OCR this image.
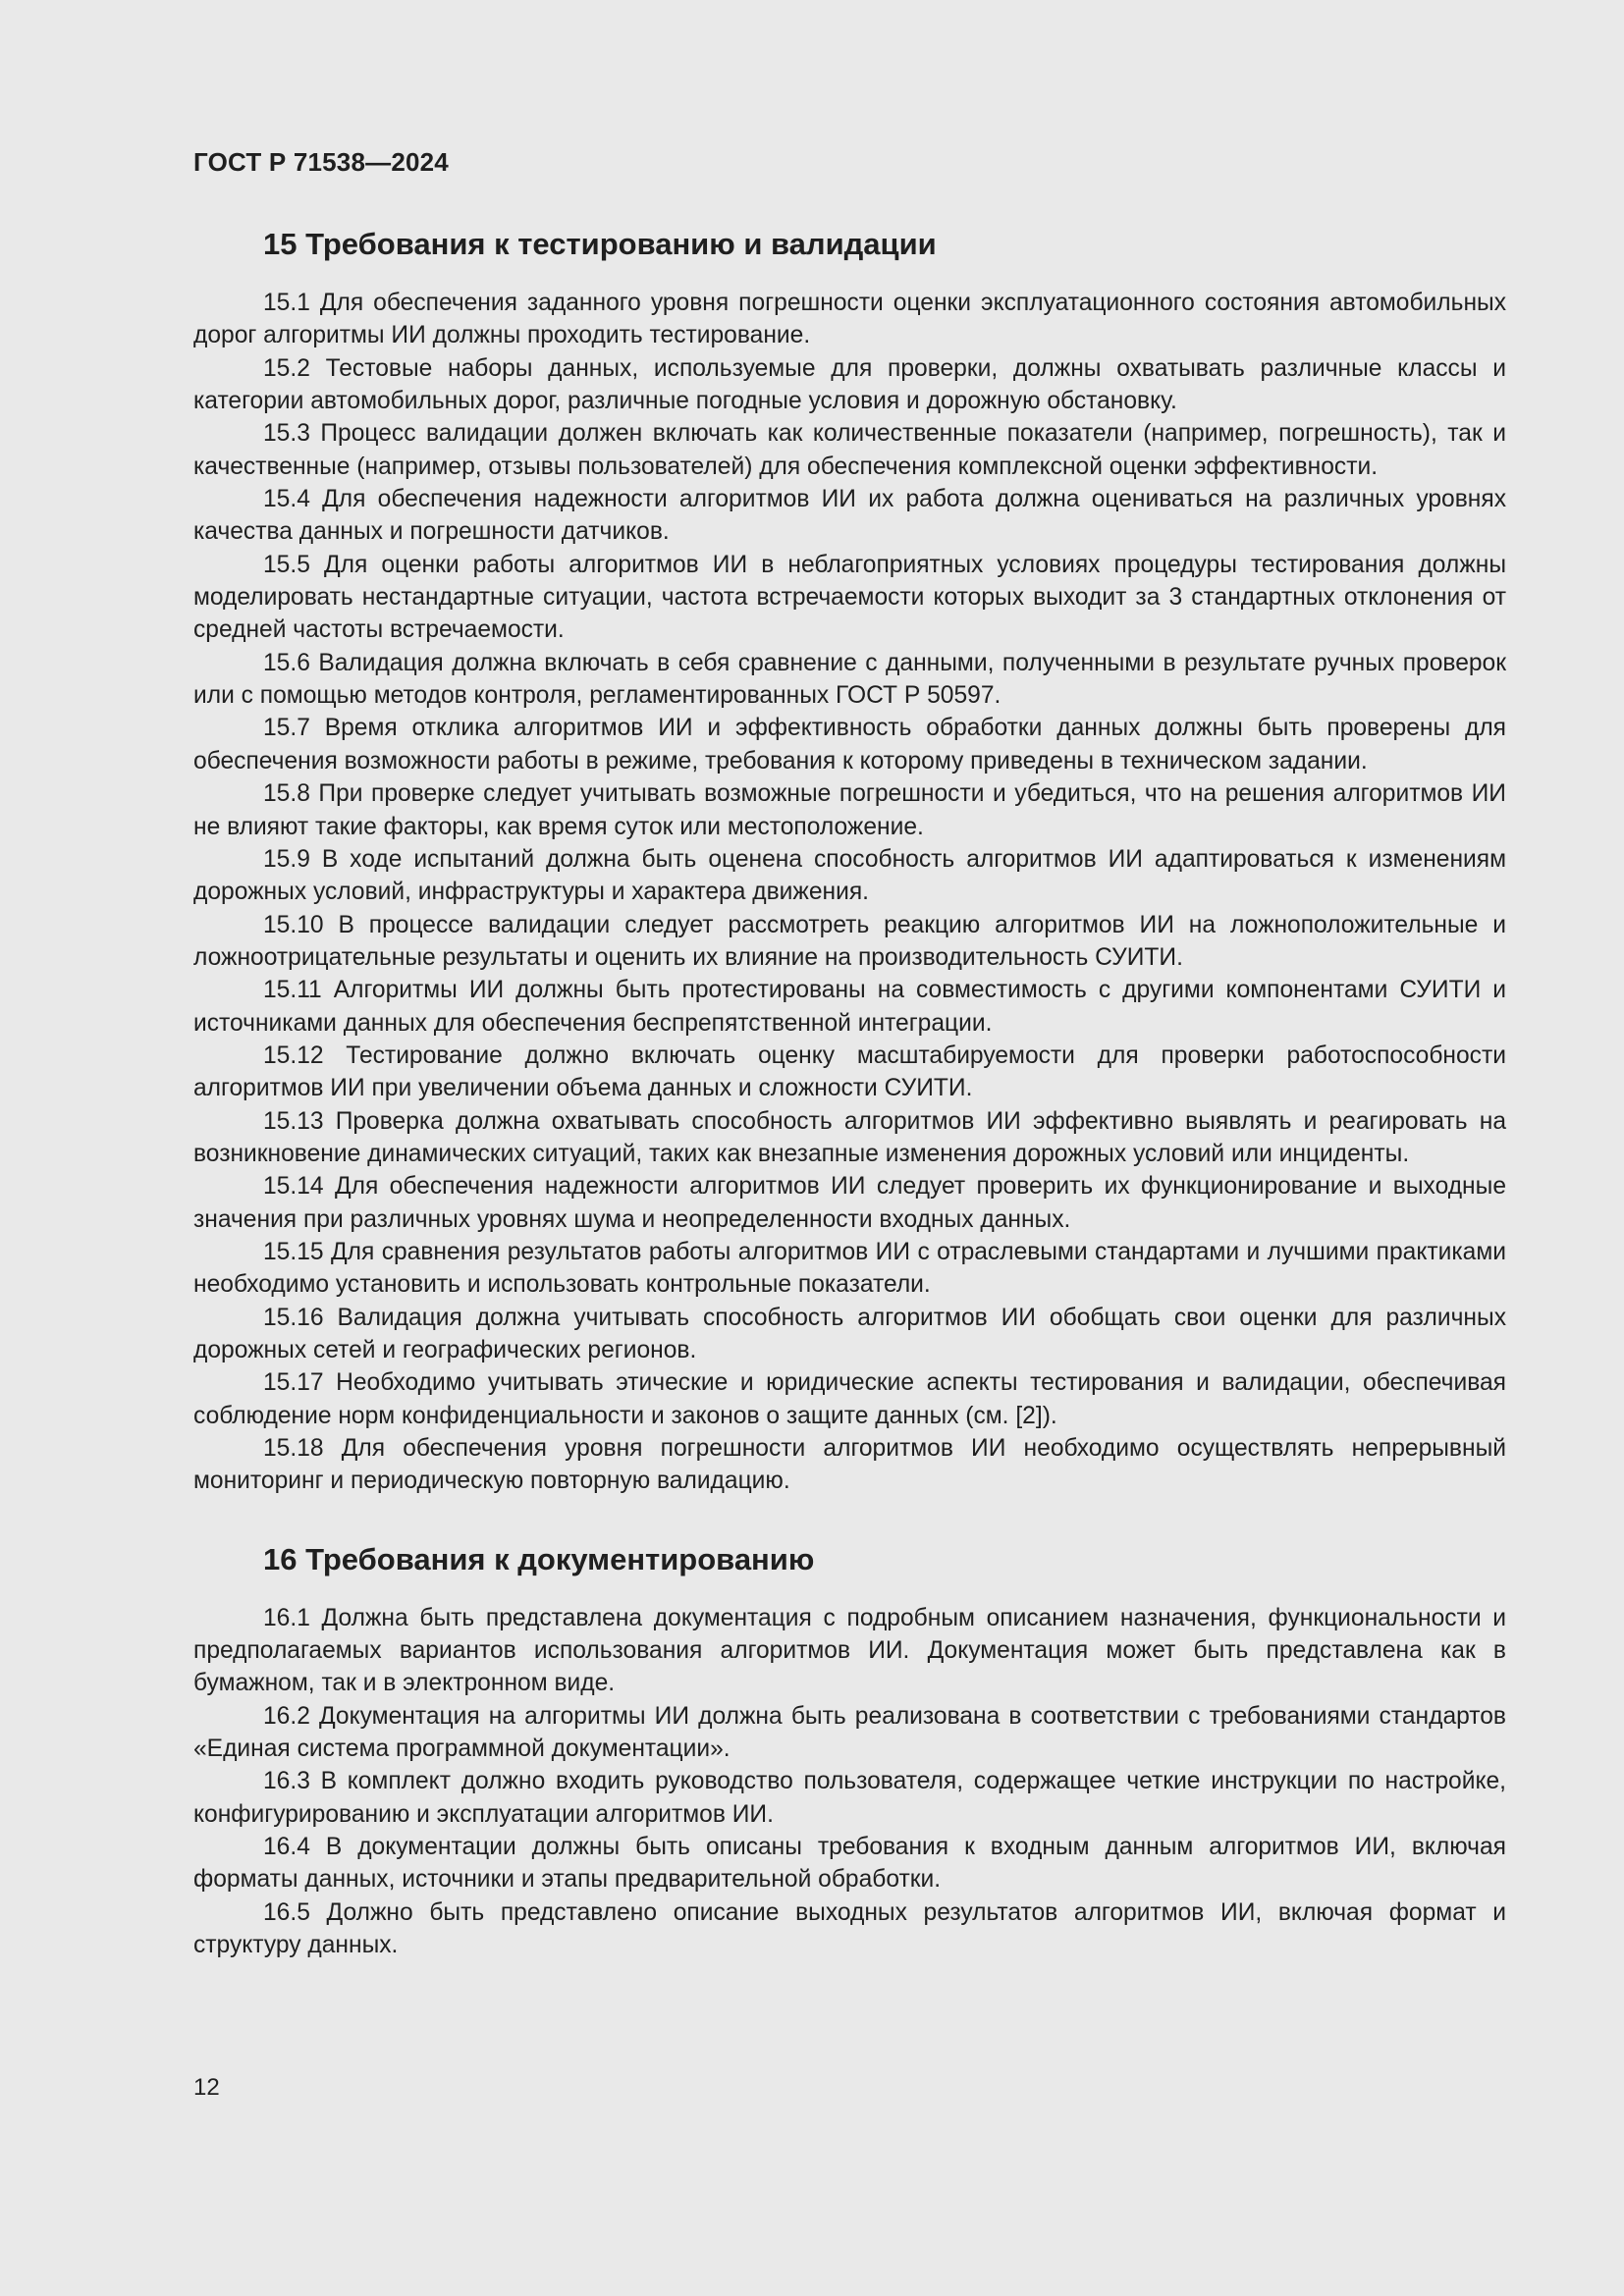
ГОСТ Р 71538—2024
15 Требования к тестированию и валидации

15.1 Для обеспечения заданного уровня погрешности оценки эксплуатационного состояния автомобильных дорог алгоритмы ИИ должны проходить тестирование.

15.2 Тестовые наборы данных, используемые для проверки, должны охватывать различные классы и категории автомобильных дорог, различные погодные условия и дорожную обстановку.

15.3 Процесс валидации должен включать как количественные показатели (например, погрешность), так и качественные (например, отзывы пользователей) для обеспечения комплексной оценки эффективности.

15.4 Для обеспечения надежности алгоритмов ИИ их работа должна оцениваться на различных уровнях качества данных и погрешности датчиков.

15.5 Для оценки работы алгоритмов ИИ в неблагоприятных условиях процедуры тестирования должны моделировать нестандартные ситуации, частота встречаемости которых выходит за 3 стандартных отклонения от средней частоты встречаемости.

15.6 Валидация должна включать в себя сравнение с данными, полученными в результате ручных проверок или с помощью методов контроля, регламентированных ГОСТ Р 50597.

15.7 Время отклика алгоритмов ИИ и эффективность обработки данных должны быть проверены для обеспечения возможности работы в режиме, требования к которому приведены в техническом задании.

15.8 При проверке следует учитывать возможные погрешности и убедиться, что на решения алгоритмов ИИ не влияют такие факторы, как время суток или местоположение.

15.9 В ходе испытаний должна быть оценена способность алгоритмов ИИ адаптироваться к изменениям дорожных условий, инфраструктуры и характера движения.

15.10 В процессе валидации следует рассмотреть реакцию алгоритмов ИИ на ложноположительные и ложноотрицательные результаты и оценить их влияние на производительность СУИТИ.

15.11 Алгоритмы ИИ должны быть протестированы на совместимость с другими компонентами СУИТИ и источниками данных для обеспечения беспрепятственной интеграции.

15.12 Тестирование должно включать оценку масштабируемости для проверки работоспособности алгоритмов ИИ при увеличении объема данных и сложности СУИТИ.

15.13 Проверка должна охватывать способность алгоритмов ИИ эффективно выявлять и реагировать на возникновение динамических ситуаций, таких как внезапные изменения дорожных условий или инциденты.

15.14 Для обеспечения надежности алгоритмов ИИ следует проверить их функционирование и выходные значения при различных уровнях шума и неопределенности входных данных.

15.15 Для сравнения результатов работы алгоритмов ИИ с отраслевыми стандартами и лучшими практиками необходимо установить и использовать контрольные показатели.

15.16 Валидация должна учитывать способность алгоритмов ИИ обобщать свои оценки для различных дорожных сетей и географических регионов.

15.17 Необходимо учитывать этические и юридические аспекты тестирования и валидации, обеспечивая соблюдение норм конфиденциальности и законов о защите данных (см. [2]).

15.18 Для обеспечения уровня погрешности алгоритмов ИИ необходимо осуществлять непрерывный мониторинг и периодическую повторную валидацию.

16 Требования к документированию

16.1 Должна быть представлена документация с подробным описанием назначения, функциональности и предполагаемых вариантов использования алгоритмов ИИ. Документация может быть представлена как в бумажном, так и в электронном виде.

16.2 Документация на алгоритмы ИИ должна быть реализована в соответствии с требованиями стандартов «Единая система программной документации».

16.3 В комплект должно входить руководство пользователя, содержащее четкие инструкции по настройке, конфигурированию и эксплуатации алгоритмов ИИ.

16.4 В документации должны быть описаны требования к входным данным алгоритмов ИИ, включая форматы данных, источники и этапы предварительной обработки.

16.5 Должно быть представлено описание выходных результатов алгоритмов ИИ, включая формат и структуру данных.

12
